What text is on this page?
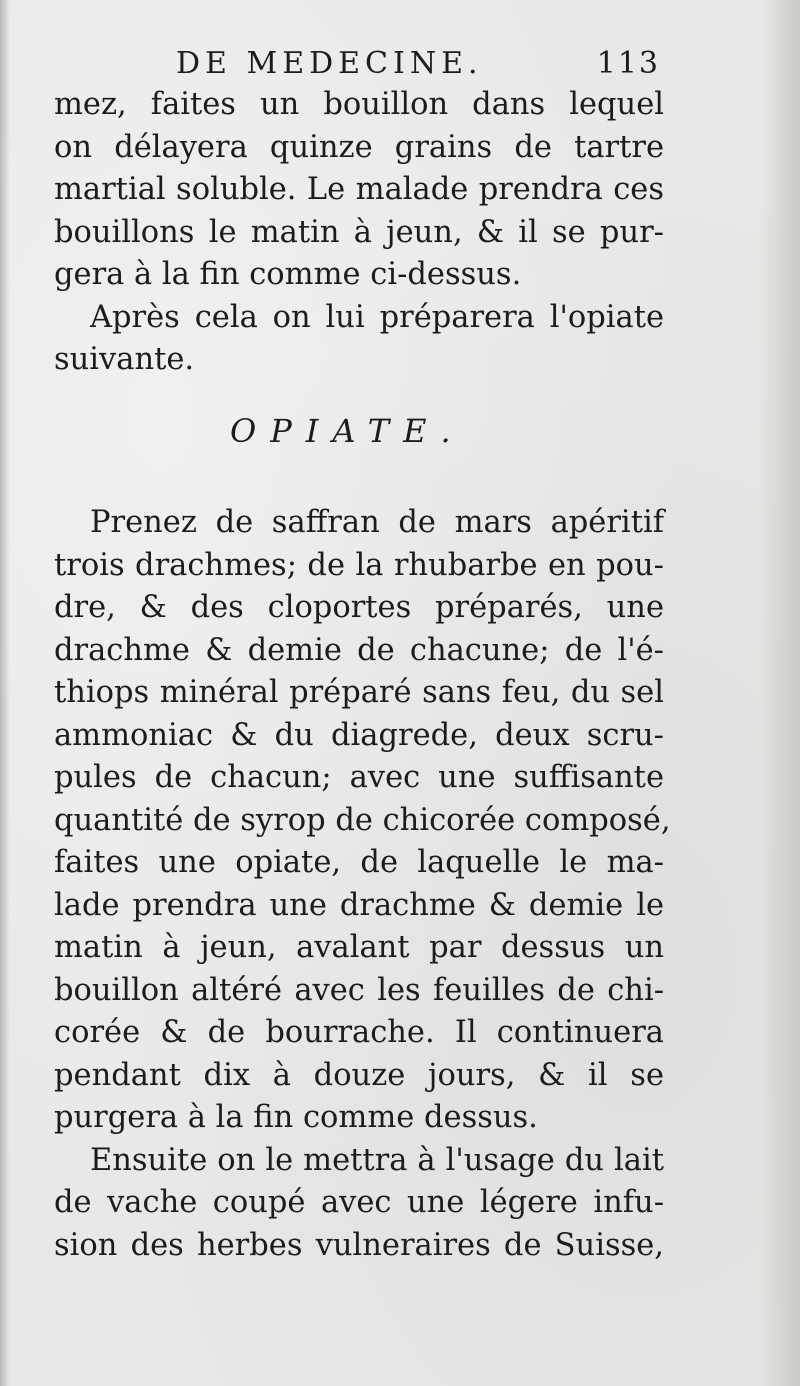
DE MEDECINE.	113
mez, faites un bouillon dans lequel
on délayera quinze grains de tartre
martial soluble. Le malade prendra ces
bouillons le matin à jeun, & il se pur-
gera à la fin comme ci-dessus.
Après cela on lui préparera l'opiate
suivante.
OPIATE.
Prenez de saffran de mars apéritif
trois drachmes; de la rhubarbe en pou-
dre, & des cloportes préparés, une
drachme & demie de chacune; de l'é-
thiops minéral préparé sans feu, du sel
ammoniac & du diagrede, deux scru-
pules de chacun; avec une suffisante
quantité de syrop de chicorée composé,
faites une opiate, de laquelle le ma-
lade prendra une drachme & demie le
matin à jeun, avalant par dessus un
bouillon altéré avec les feuilles de chi-
corée & de bourrache. Il continuera
pendant dix à douze jours, & il se
purgera à la fin comme dessus.
Ensuite on le mettra à l'usage du lait
de vache coupé avec une légere infu-
sion des herbes vulneraires de Suisse,
